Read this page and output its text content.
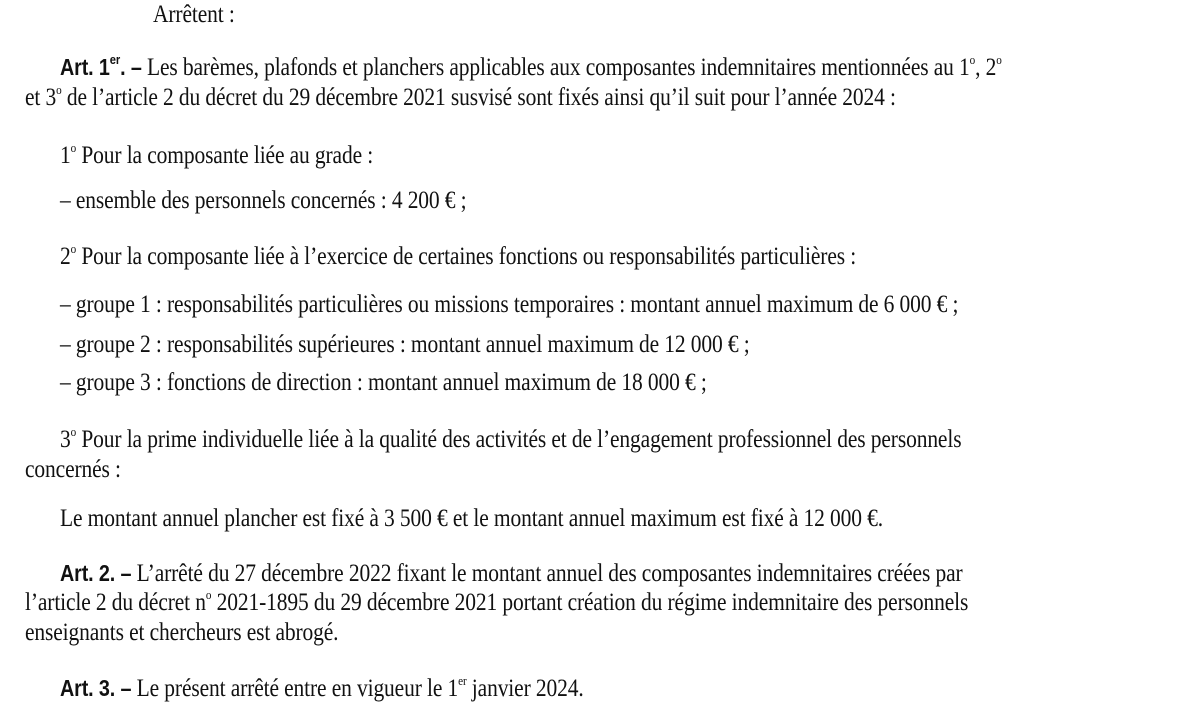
Arrêtent :

Art. 1er. – Les barèmes, plafonds et planchers applicables aux composantes indemnitaires mentionnées au 1$^o$, 2$^o$

et 3$^o$ de l’article 2 du décret du 29 décembre 2021 susvisé sont fixés ainsi qu’il suit pour l’année 2024 :

1$^o$ Pour la composante liée au grade :

– ensemble des personnels concernés : 4 200 € ;

2$^o$ Pour la composante liée à l’exercice de certaines fonctions ou responsabilités particulières :

– groupe 1 : responsabilités particulières ou missions temporaires : montant annuel maximum de 6 000 € ;

– groupe 2 : responsabilités supérieures : montant annuel maximum de 12 000 € ;

– groupe 3 : fonctions de direction : montant annuel maximum de 18 000 € ;

3$^o$ Pour la prime individuelle liée à la qualité des activités et de l’engagement professionnel des personnels

concernés :

Le montant annuel plancher est fixé à 3 500 € et le montant annuel maximum est fixé à 12 000 €.

Art. 2. – L’arrêté du 27 décembre 2022 fixant le montant annuel des composantes indemnitaires créées par

l’article 2 du décret $n^o$ 2021-1895 du 29 décembre 2021 portant création du régime indemnitaire des personnels

enseignants et chercheurs est abrogé.

Art. 3. – Le présent arrêté entre en vigueur le 1er janvier 2024.
